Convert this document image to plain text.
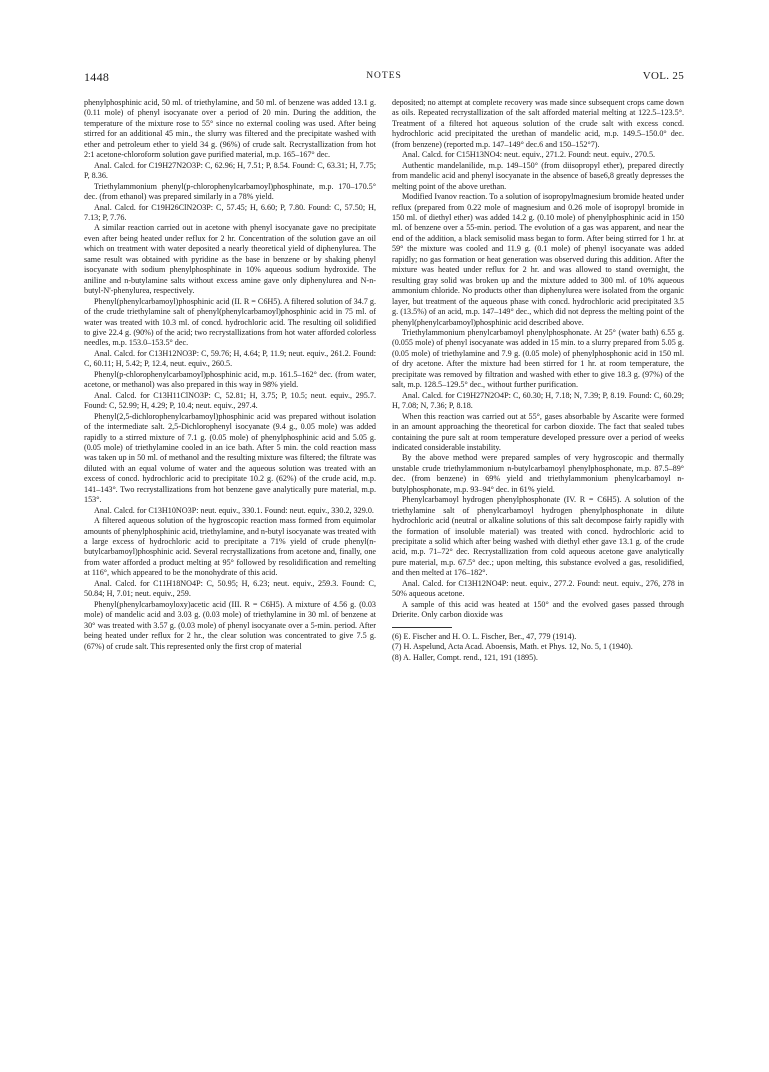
1448	NOTES	VOL. 25

phenylphosphinic acid, 50 ml. of triethylamine, and 50 ml. of benzene was added 13.1 g. (0.11 mole) of phenyl isocyanate over a period of 20 min. During the addition, the temperature of the mixture rose to 55° since no external cooling was used. After being stirred for an additional 45 min., the slurry was filtered and the precipitate washed with ether and petroleum ether to yield 34 g. (96%) of crude salt. Recrystallization from hot 2:1 acetone-chloroform solution gave purified material, m.p. 165–167° dec.

Anal. Calcd. for C19H27N2O3P: C, 62.96; H, 7.51; P, 8.54. Found: C, 63.31; H, 7.75; P, 8.36.

Triethylammonium phenyl(p-chlorophenylcarbamoyl)phosphinate, m.p. 170–170.5° dec. (from ethanol) was prepared similarly in a 78% yield.

Anal. Calcd. for C19H26ClN2O3P: C, 57.45; H, 6.60; P, 7.80. Found: C, 57.50; H, 7.13; P, 7.76.

A similar reaction carried out in acetone with phenyl isocyanate gave no precipitate even after being heated under reflux for 2 hr. Concentration of the solution gave an oil which on treatment with water deposited a nearly theoretical yield of diphenylurea. The same result was obtained with pyridine as the base in benzene or by shaking phenyl isocyanate with sodium phenylphosphinate in 10% aqueous sodium hydroxide. The aniline and n-butylamine salts without excess amine gave only diphenylurea and N-n-butyl-N'-phenylurea, respectively.

Phenyl(phenylcarbamoyl)phosphinic acid (II. R = C6H5). A filtered solution of 34.7 g. of the crude triethylamine salt of phenyl(phenylcarbamoyl)phosphinic acid in 75 ml. of water was treated with 10.3 ml. of concd. hydrochloric acid. The resulting oil solidified to give 22.4 g. (90%) of the acid; two recrystallizations from hot water afforded colorless needles, m.p. 153.0–153.5° dec.

Anal. Calcd. for C13H12NO3P: C, 59.76; H, 4.64; P, 11.9; neut. equiv., 261.2. Found: C, 60.11; H, 5.42; P, 12.4, neut. equiv., 260.5.

Phenyl(p-chlorophenylcarbamoyl)phosphinic acid, m.p. 161.5–162° dec. (from water, acetone, or methanol) was also prepared in this way in 98% yield.

Anal. Calcd. for C13H11ClNO3P: C, 52.81; H, 3.75; P, 10.5; neut. equiv., 295.7. Found: C, 52.99; H, 4.29; P, 10.4; neut. equiv., 297.4.

Phenyl(2,5-dichlorophenylcarbamoyl)phosphinic acid was prepared without isolation of the intermediate salt. 2,5-Dichlorophenyl isocyanate (9.4 g., 0.05 mole) was added rapidly to a stirred mixture of 7.1 g. (0.05 mole) of phenylphosphinic acid and 5.05 g. (0.05 mole) of triethylamine cooled in an ice bath. After 5 min. the cold reaction mass was taken up in 50 ml. of methanol and the resulting mixture was filtered; the filtrate was diluted with an equal volume of water and the aqueous solution was treated with an excess of concd. hydrochloric acid to precipitate 10.2 g. (62%) of the crude acid, m.p. 141–143°. Two recrystallizations from hot benzene gave analytically pure material, m.p. 153°.

Anal. Calcd. for C13H10NO3P: neut. equiv., 330.1. Found: neut. equiv., 330.2, 329.0.

A filtered aqueous solution of the hygroscopic reaction mass formed from equimolar amounts of phenylphosphinic acid, triethylamine, and n-butyl isocyanate was treated with a large excess of hydrochloric acid to precipitate a 71% yield of crude phenyl(n-butylcarbamoyl)phosphinic acid. Several recrystallizations from acetone and, finally, one from water afforded a product melting at 95° followed by resolidification and remelting at 116°, which appeared to be the monohydrate of this acid.

Anal. Calcd. for C11H18NO4P: C, 50.95; H, 6.23; neut. equiv., 259.3. Found: C, 50.84; H, 7.01; neut. equiv., 259.

Phenyl(phenylcarbamoyloxy)acetic acid (III. R = C6H5). A mixture of 4.56 g. (0.03 mole) of mandelic acid and 3.03 g. (0.03 mole) of triethylamine in 30 ml. of benzene at 30° was treated with 3.57 g. (0.03 mole) of phenyl isocyanate over a 5-min. period. After being heated under reflux for 2 hr., the clear solution was concentrated to give 7.5 g. (67%) of crude salt. This represented only the first crop of material

deposited; no attempt at complete recovery was made since subsequent crops came down as oils. Repeated recrystallization of the salt afforded material melting at 122.5–123.5°. Treatment of a filtered hot aqueous solution of the crude salt with excess concd. hydrochloric acid precipitated the urethan of mandelic acid, m.p. 149.5–150.0° dec. (from benzene) (reported m.p. 147–149° dec.6 and 150–152°7).

Anal. Calcd. for C15H13NO4: neut. equiv., 271.2. Found: neut. equiv., 270.5.

Authentic mandelanilide, m.p. 149–150° (from diisopropyl ether), prepared directly from mandelic acid and phenyl isocyanate in the absence of base6,8 greatly depresses the melting point of the above urethan.

Modified Ivanov reaction. To a solution of isopropylmagnesium bromide heated under reflux (prepared from 0.22 mole of magnesium and 0.26 mole of isopropyl bromide in 150 ml. of diethyl ether) was added 14.2 g. (0.10 mole) of phenylphosphinic acid in 150 ml. of benzene over a 55-min. period. The evolution of a gas was apparent, and near the end of the addition, a black semisolid mass began to form. After being stirred for 1 hr. at 59° the mixture was cooled and 11.9 g. (0.1 mole) of phenyl isocyanate was added rapidly; no gas formation or heat generation was observed during this addition. After the mixture was heated under reflux for 2 hr. and was allowed to stand overnight, the resulting gray solid was broken up and the mixture added to 300 ml. of 10% aqueous ammonium chloride. No products other than diphenylurea were isolated from the organic layer, but treatment of the aqueous phase with concd. hydrochloric acid precipitated 3.5 g. (13.5%) of an acid, m.p. 147–149° dec., which did not depress the melting point of the phenyl(phenylcarbamoyl)phosphinic acid described above.

Triethylammonium phenylcarbamoyl phenylphosphonate. At 25° (water bath) 6.55 g. (0.055 mole) of phenyl isocyanate was added in 15 min. to a slurry prepared from 5.05 g. (0.05 mole) of triethylamine and 7.9 g. (0.05 mole) of phenylphosphonic acid in 150 ml. of dry acetone. After the mixture had been stirred for 1 hr. at room temperature, the precipitate was removed by filtration and washed with ether to give 18.3 g. (97%) of the salt, m.p. 128.5–129.5° dec., without further purification.

Anal. Calcd. for C19H27N2O4P: C, 60.30; H, 7.18; N, 7.39; P, 8.19. Found: C, 60.29; H, 7.08; N, 7.36; P, 8.18.

When this reaction was carried out at 55°, gases absorbable by Ascarite were formed in an amount approaching the theoretical for carbon dioxide. The fact that sealed tubes containing the pure salt at room temperature developed pressure over a period of weeks indicated considerable instability.

By the above method were prepared samples of very hygroscopic and thermally unstable crude triethylammonium n-butylcarbamoyl phenylphosphonate, m.p. 87.5–89° dec. (from benzene) in 69% yield and triethylammonium phenylcarbamoyl n-butylphosphonate, m.p. 93–94° dec. in 61% yield.

Phenylcarbamoyl hydrogen phenylphosphonate (IV. R = C6H5). A solution of the triethylamine salt of phenylcarbamoyl hydrogen phenylphosphonate in dilute hydrochloric acid (neutral or alkaline solutions of this salt decompose fairly rapidly with the formation of insoluble material) was treated with concd. hydrochloric acid to precipitate a solid which after being washed with diethyl ether gave 13.1 g. of the crude acid, m.p. 71–72° dec. Recrystallization from cold aqueous acetone gave analytically pure material, m.p. 67.5° dec.; upon melting, this substance evolved a gas, resolidified, and then melted at 176–182°.

Anal. Calcd. for C13H12NO4P: neut. equiv., 277.2. Found: neut. equiv., 276, 278 in 50% aqueous acetone.

A sample of this acid was heated at 150° and the evolved gases passed through Drierite. Only carbon dioxide was

(6) E. Fischer and H. O. L. Fischer, Ber., 47, 779 (1914).

(7) H. Aspelund, Acta Acad. Aboensis, Math. et Phys. 12, No. 5, 1 (1940).

(8) A. Haller, Compt. rend., 121, 191 (1895).
